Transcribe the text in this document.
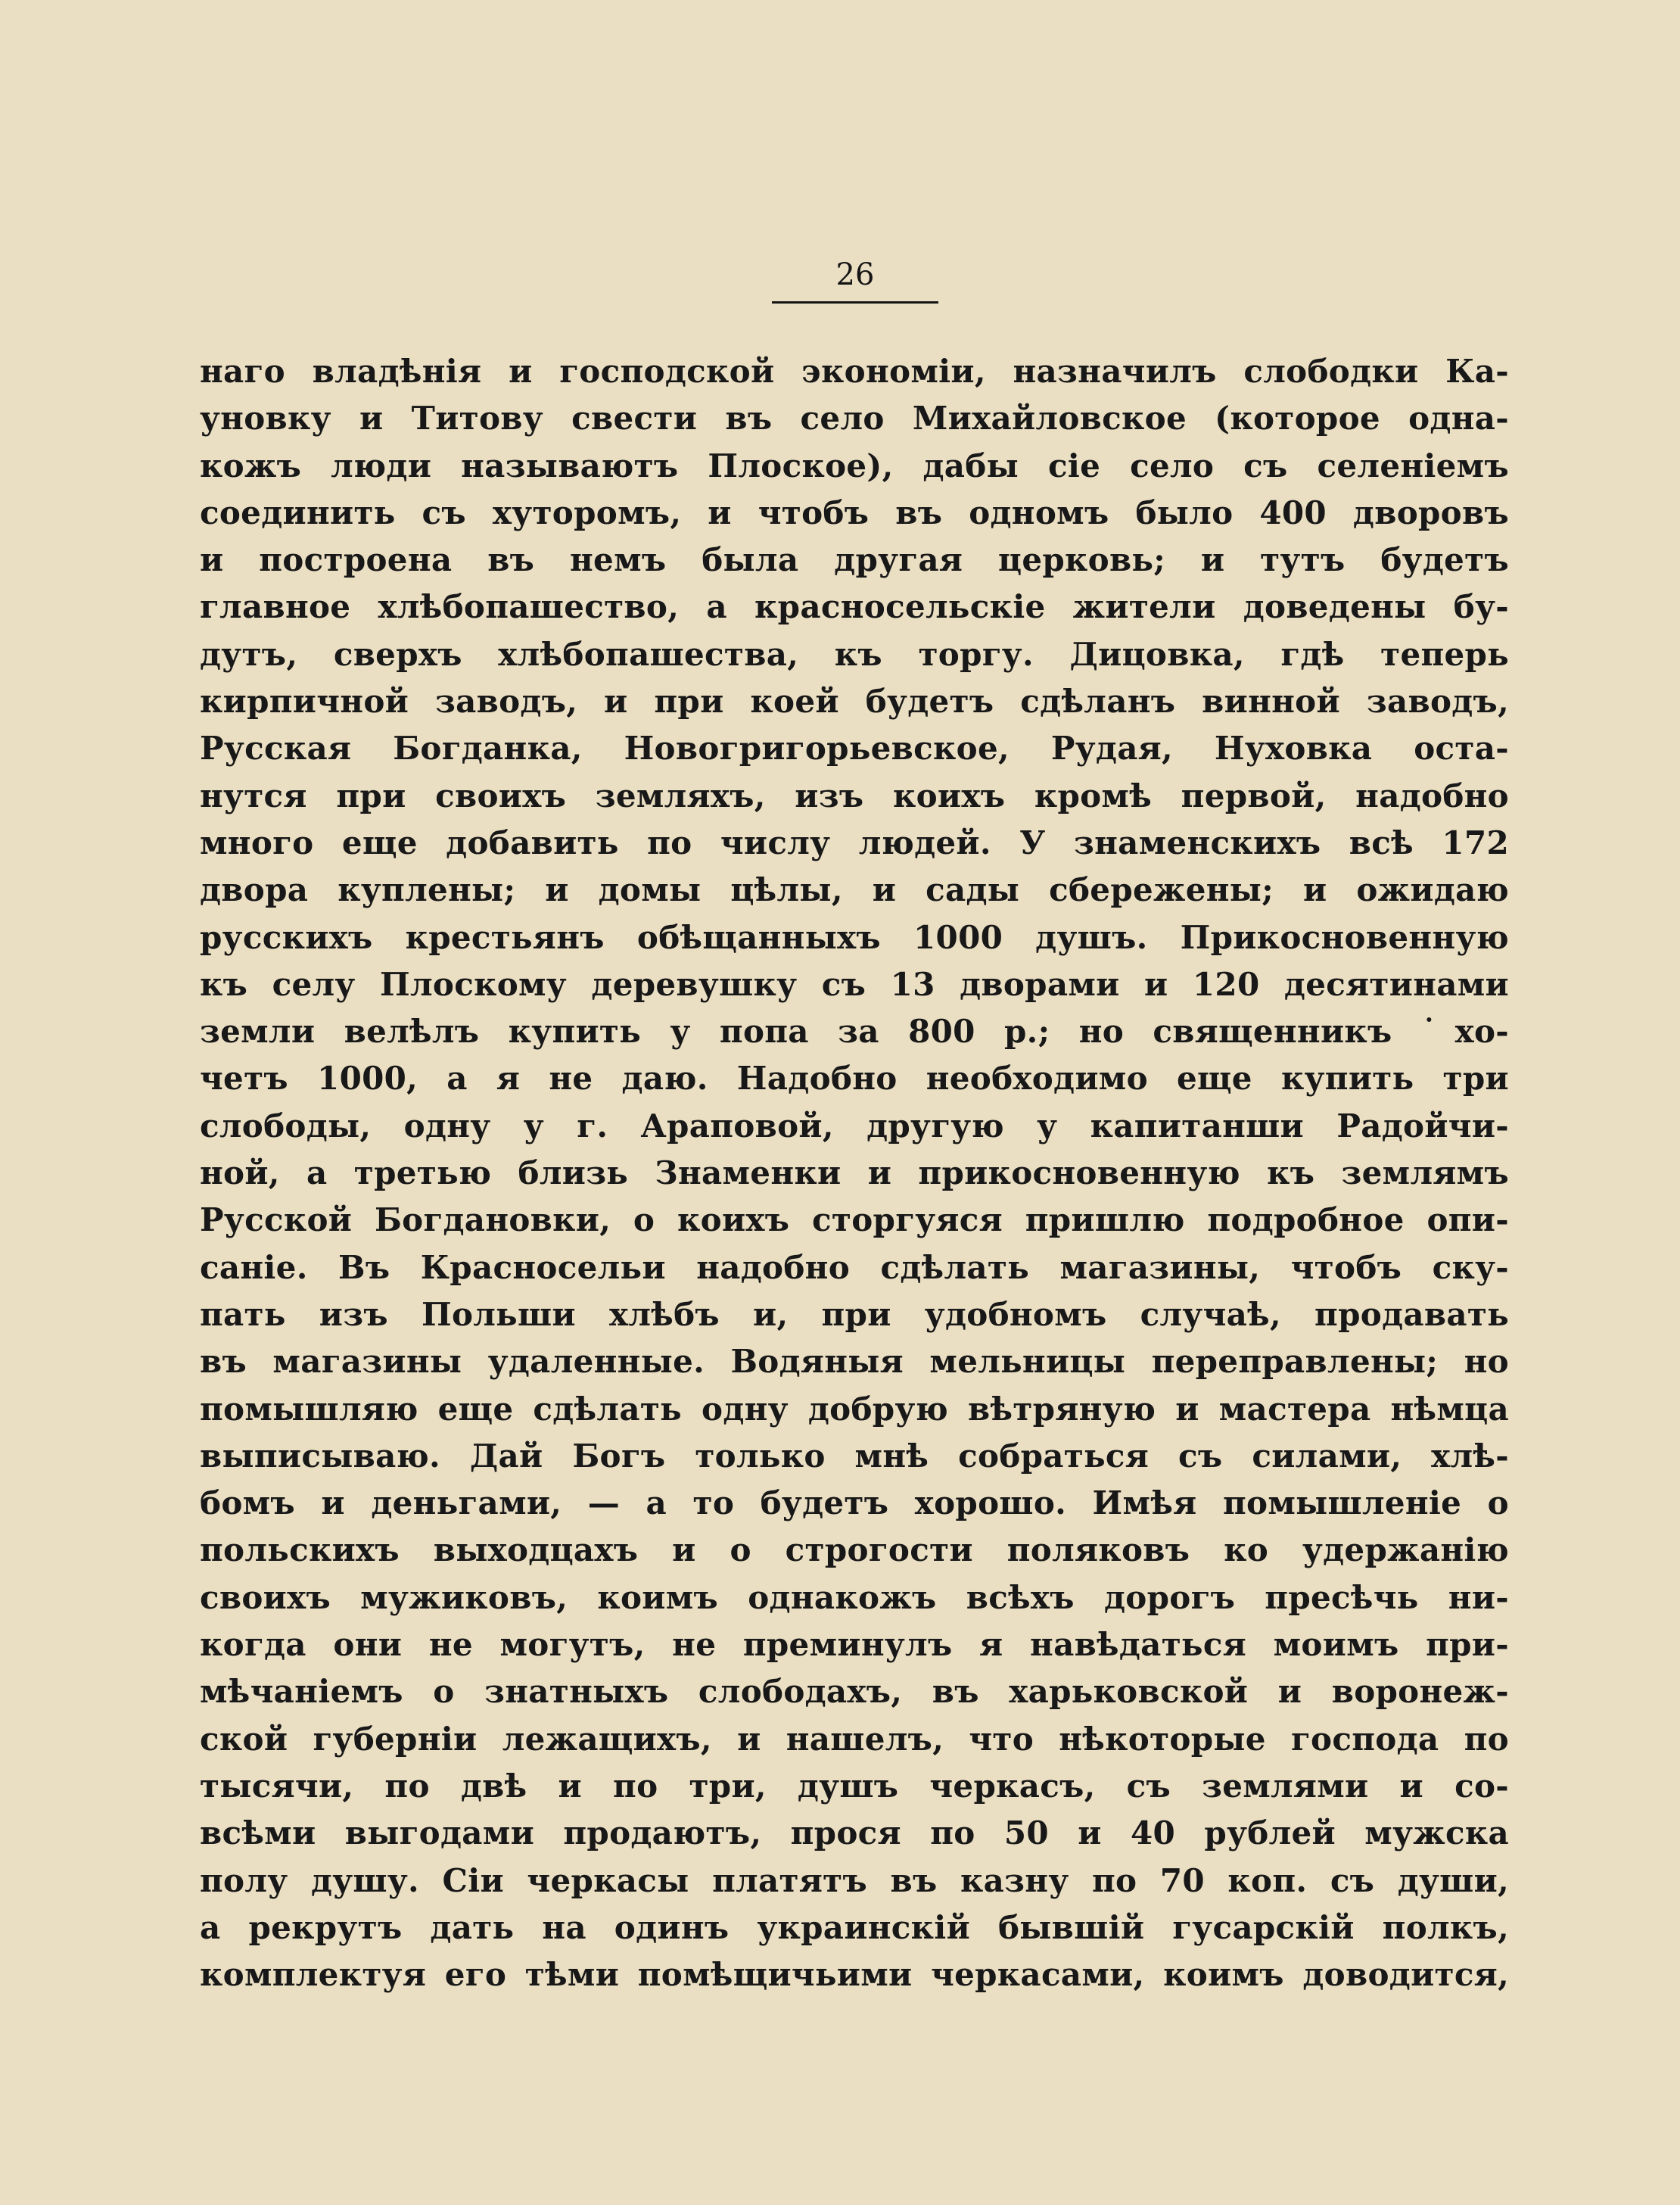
26
наго владѣнія и господской экономіи, назначилъ слободки Ка-
уновку и Титову свести въ село Михайловское (которое одна-
кожъ люди называютъ Плоское), дабы сіе село съ селеніемъ
соединить съ хуторомъ, и чтобъ въ одномъ было 400 дворовъ
и построена въ немъ была другая церковь; и тутъ будетъ
главное хлѣбопашество, а красносельскіе жители доведены бу-
дутъ, сверхъ хлѣбопашества, къ торгу. Дицовка, гдѣ теперь
кирпичной заводъ, и при коей будетъ сдѣланъ винной заводъ,
Русская Богданка, Новогригорьевское, Рудая, Нуховка оста-
нутся при своихъ земляхъ, изъ коихъ кромѣ первой, надобно
много еще добавить по числу людей. У знаменскихъ всѣ 172
двора куплены; и домы цѣлы, и сады сбережены; и ожидаю
русскихъ крестьянъ обѣщанныхъ 1000 душъ. Прикосновенную
къ селу Плоскому деревушку съ 13 дворами и 120 десятинами
земли велѣлъ купить у попа за 800 р.; но священникъ ˙хо-
четъ 1000, а я не даю. Надобно необходимо еще купить три
слободы, одну у г. Араповой, другую у капитанши Радойчи-
ной, а третью близь Знаменки и прикосновенную къ землямъ
Русской Богдановки, о коихъ сторгуяся пришлю подробное опи-
саніе. Въ Красносельи надобно сдѣлать магазины, чтобъ ску-
пать изъ Польши хлѣбъ и, при удобномъ случаѣ, продавать
въ магазины удаленные. Водяныя мельницы переправлены; но
помышляю еще сдѣлать одну добрую вѣтряную и мастера нѣмца
выписываю. Дай Богъ только мнѣ собраться съ силами, хлѣ-
бомъ и деньгами, — а то будетъ хорошо. Имѣя помышленіе о
польскихъ выходцахъ и о строгости поляковъ ко удержанію
своихъ мужиковъ, коимъ однакожъ всѣхъ дорогъ пресѣчь ни-
когда они не могутъ, не преминулъ я навѣдаться моимъ при-
мѣчаніемъ о знатныхъ слободахъ, въ харьковской и воронеж-
ской губерніи лежащихъ, и нашелъ, что нѣкоторые господа по
тысячи, по двѣ и по три, душъ черкасъ, съ землями и со-
всѣми выгодами продаютъ, прося по 50 и 40 рублей мужска
полу душу. Сіи черкасы платятъ въ казну по 70 коп. съ души,
а рекрутъ дать на одинъ украинскій бывшій гусарскій полкъ,
комплектуя его тѣми помѣщичьими черкасами, коимъ доводится,
